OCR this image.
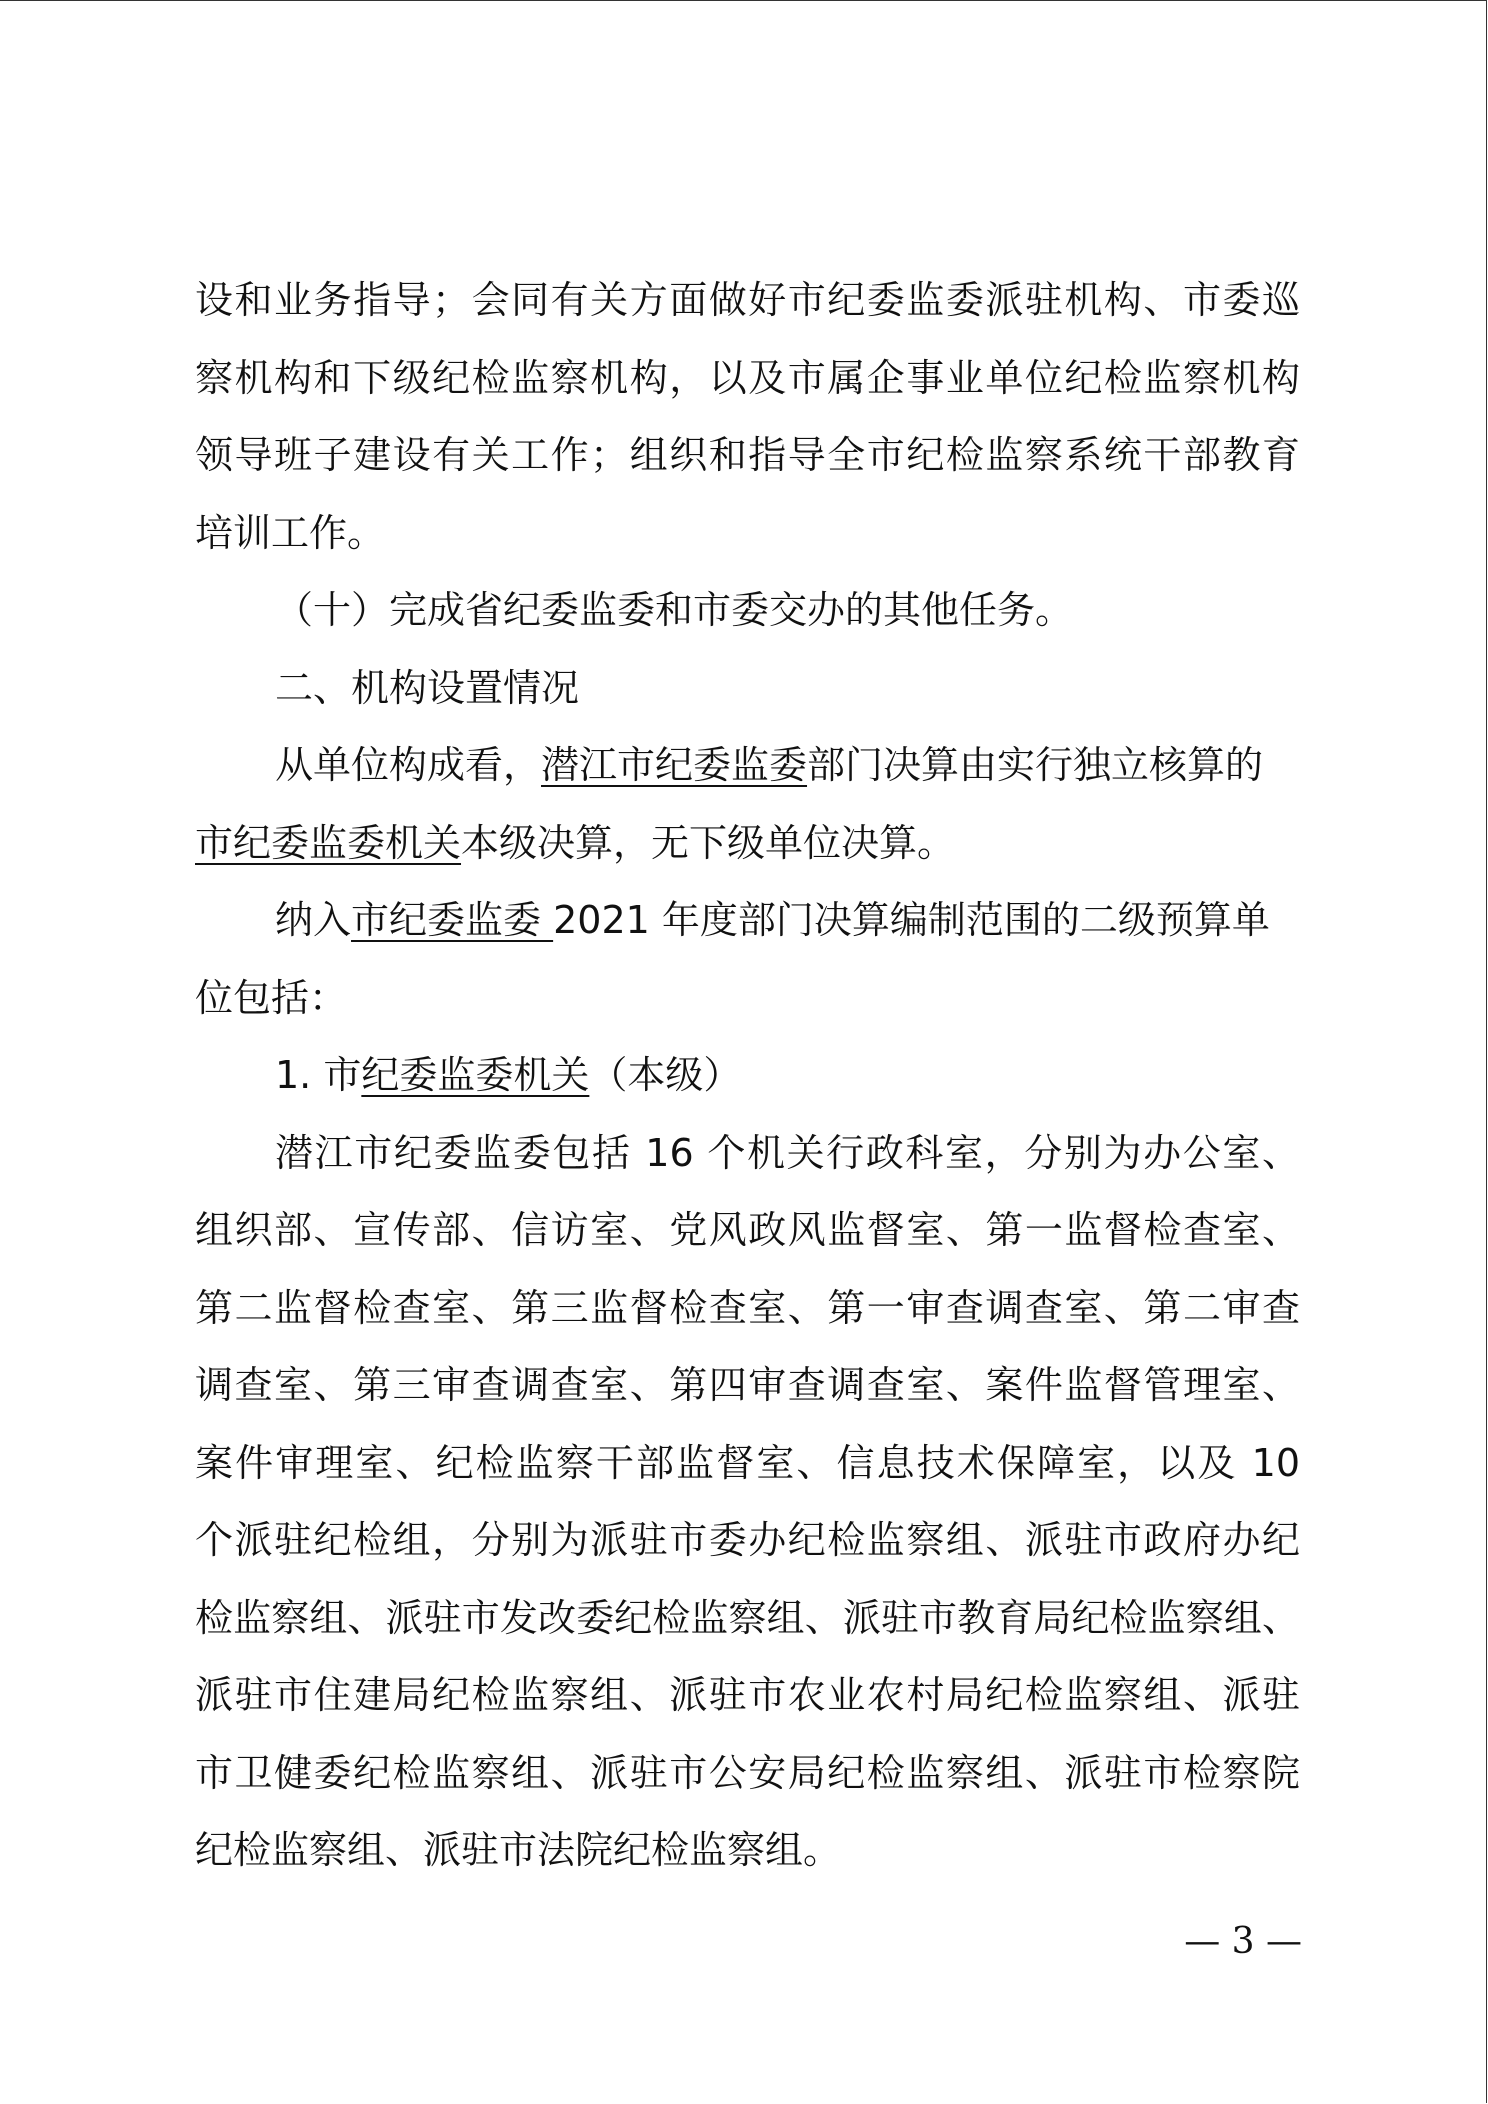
设和业务指导；会同有关方面做好市纪委监委派驻机构、市委巡
察机构和下级纪检监察机构，以及市属企事业单位纪检监察机构
领导班子建设有关工作；组织和指导全市纪检监察系统干部教育
培训工作。
（十）完成省纪委监委和市委交办的其他任务。
二、机构设置情况
从单位构成看，潜江市纪委监委部门决算由实行独立核算的
市纪委监委机关本级决算，无下级单位决算。
纳入市纪委监委 2021 年度部门决算编制范围的二级预算单
位包括：
1. 市纪委监委机关（本级）
潜江市纪委监委包括 16 个机关行政科室，分别为办公室、
组织部、宣传部、信访室、党风政风监督室、第一监督检查室、
第二监督检查室、第三监督检查室、第一审查调查室、第二审查
调查室、第三审查调查室、第四审查调查室、案件监督管理室、
案件审理室、纪检监察干部监督室、信息技术保障室，以及 10
个派驻纪检组，分别为派驻市委办纪检监察组、派驻市政府办纪
检监察组、派驻市发改委纪检监察组、派驻市教育局纪检监察组、
派驻市住建局纪检监察组、派驻市农业农村局纪检监察组、派驻
市卫健委纪检监察组、派驻市公安局纪检监察组、派驻市检察院
纪检监察组、派驻市法院纪检监察组。
— 3 —
